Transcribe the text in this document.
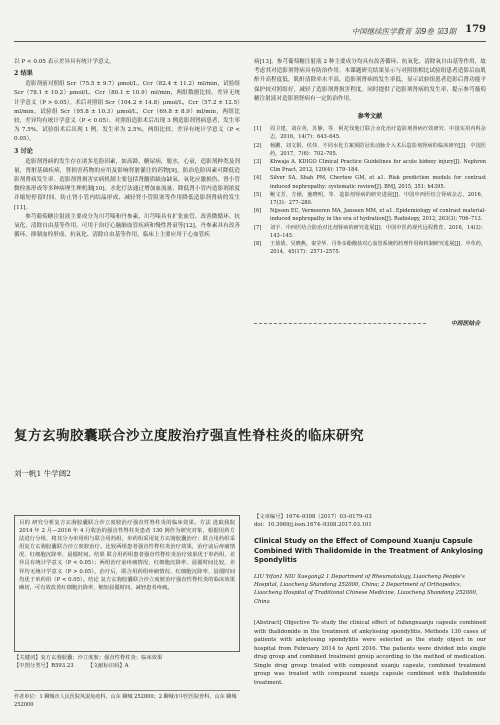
中国继续医学教育 第9卷 第3期 179

以 P < 0.05 表示差异具有统计学意义。

2 结果

造影剂前对照组 Scr（75.5 ± 9.7）μmol/L，Ccr（82.4 ± 11.2）ml/min，试验组 Scr（78.1 ± 10.2）μmol/L，Ccr（80.1 ± 10.9）ml/min，两组数据比较，差异无统计学意义（P > 0.05）。术后对照组 Scr（104.2 ± 14.8）μmol/L，Ccr（57.2 ± 12.5）ml/min，试验组 Scr（95.8 ± 10.3）μmol/L，Ccr（69.8 ± 8.9）ml/min，两组比较，差异均有统计学意义（P < 0.05）。对照组造影术后出现 3 例造影剂肾病患者，发生率为 7.5%，试验组术后出现 1 例，发生率为 2.5%，两组比较，差异有统计学意义（P < 0.05）。

3 讨论

造影剂肾病的发生存在诸多危险因素，如高龄，糖尿病，脱水，心衰，造影剂种类及剂量，肾脏基础疾病，肾损害药物的应用及影响肾脏灌注的药物[9]，防治危险因素可降低造影剂肾病发生率。造影剂肾损害实病机制主要包括肾髓质缺血缺氧、氧化应激损伤、肾小管微栓塞形成等多种病理生理机制[10]。水化疗法通过增加血流量、降低肾小管内造影剂浓度并缩短停留时间、防止肾小管内结晶形成、减轻肾小管阻塞等作用降低造影剂肾病的发生[11]。

参芎葡萄糖注射液主要成分为川芎嗪和丹参素，川芎嗪具有扩张血管、改善微循环、抗氧化、清除自由基等作用，可用于治疗心脑肺血管疾病和慢性肾衰等[12]。丹参素具有改善循环、抑制血栓形成、抗氧化、清除自由基等作用，临床上主要应用于心血管疾

病[13]。参芎葡萄糖注射液 2 种主要成分均具有改善循环、抗氧化、清除氧自由基等作用，故考虑其对造影剂肾病具有防治作用。本课题研究结果显示与对照组相比试验组患者造影后血肌酐升高程度低，肌酐清除率水平高，造影剂肾病的发生率低，显示试验组患者造影后肾功能平保护较对照组好，减轻了造影剂肾损害程度。同时提供了造影剂肾病的发生率，提示参芎葡萄糖注射液对造影剂肾病有一定防治作用。

参考文献
[1]	周卫建，刘存英，苏静，等．阿托伐他汀联合水化治疗造影剂肾病疗效研究．中国实用内科杂志，2016，14(7)：643–645.
[2]	杨鹏，刘文娟，侯伟．不同水化方案预防冠状动脉介入术后造影剂肾病的临床研究[J]．中国医药，2017，7(6)：702–705.
[3]	Khwaja A. KDIGO Clinical Practice Guidelines for acute kidney injury[J]. Nephron Clin Pract, 2012, 120(4): 179–184.
[4]	Silver SA, Shah PM, Chertow GM, et a1. Risk prediction models for contrast induced nephropathy: systematic review[J]. BMJ, 2015, 351: h4395.
[5]	鲍文芳，方操，施晓明，等．造影剂肾病的研究进展[J]．中国中西医结合肾病杂志，2016，17(3)：277–280.
[6]	Nijssen EC, Vermeeren MA, Janssen MM, et a1. Epidemiology of contrast material-induced nephropathy in the era of hydration[J]. Radiology, 2012, 263(3): 706–713.
[7]	刘宇．中西医结合防治对比剂肾病的研究进展[J]．中国中医药现代远程教育，2016，14(3)：143–145.
[8]	王倩倩，吴晓燕，秦莹华．丹参多酚酸盐对心血管系统的药理作用和机制研究进展[J]．中草药，2014，45(17)：2571–2575.
中西医结合
复方玄驹胶囊联合沙立度胺治疗强直性脊柱炎的临床研究
刘一帆1 牛学阔2
目的 研究分析复方玄驹胶囊联合沙立度胺治疗强直性脊柱炎的临床效果。方法 选取我院 2014 年 2 月—2016 年 4 月收治的强直性脊柱炎患者 130 例作为研究对象，根据用药方法进行分组，将其分为单用组与联合用药组，单药组采用复方玄驹胶囊治疗；联合用药组采用复方玄驹胶囊联合沙立度胺治疗。比较两组患者强直性脊柱炎治疗效果，治疗前后疼痛情况、红细胞沉降率、晨僵时间。结果 联合用药组患者强直性脊柱炎治疗效果优于单药组，差异具有统计学意义（P < 0.05）；两组治疗前疼痛情况、红细胞沉降率、晨僵时间比较，差异均无统计学意义（P > 0.05），治疗后，联合用药组疼痛情况、红细胞沉降率、晨僵时间均优于单药组（P < 0.05）。结论 复方玄驹胶囊联合沙立度胺治疗强直性脊柱炎的临床效果确切，可有效改善红细胞沉降率，缩短晨僵时间，减轻患者疼痛。
【关键词】复方玄驹胶囊；沙立度胺；强直性脊柱炎；临床效果
【中图分类号】R593.23	【文献标识码】A
作者单位：1 聊城市人民医院风湿免疫科，山东 聊城 252000；2 聊城市中医医院骨科，山东 聊城 252000
【文章编号】1674–9308（2017）03–0179–03
doi：10.3969/j.issn.1674–9308.2017.03.101
Clinical Study on the Effect of Compound Xuanju Capsule Combined With Thalidomide in the Treatment of Ankylosing Spondylitis
LIU Yifan1 NIU Xuegang2 1 Department of Rheumatology, Liaocheng People's Hospital, Liaocheng Shandong 252000, China; 2 Department of Orthopedics, Liaocheng Hospital of Traditional Chinese Medicine, Liaocheng Shandong 252000, China
[Abstract] Objective To study the clinical effect of fufangxuanju capsule combined with thalidomide in the treatment of ankylosing spondylitis. Methods 130 cases of patients with ankylosing spondylitis were selected as the study object in our hospital from February 2014 to April 2016. The patients were divided into single drug group and combined treatment group according to the method of medication. Single drug group treated with compound xuanju capsule, combined treatment group was treated with compound xuanju capsule combined with thalidomide treatment.
